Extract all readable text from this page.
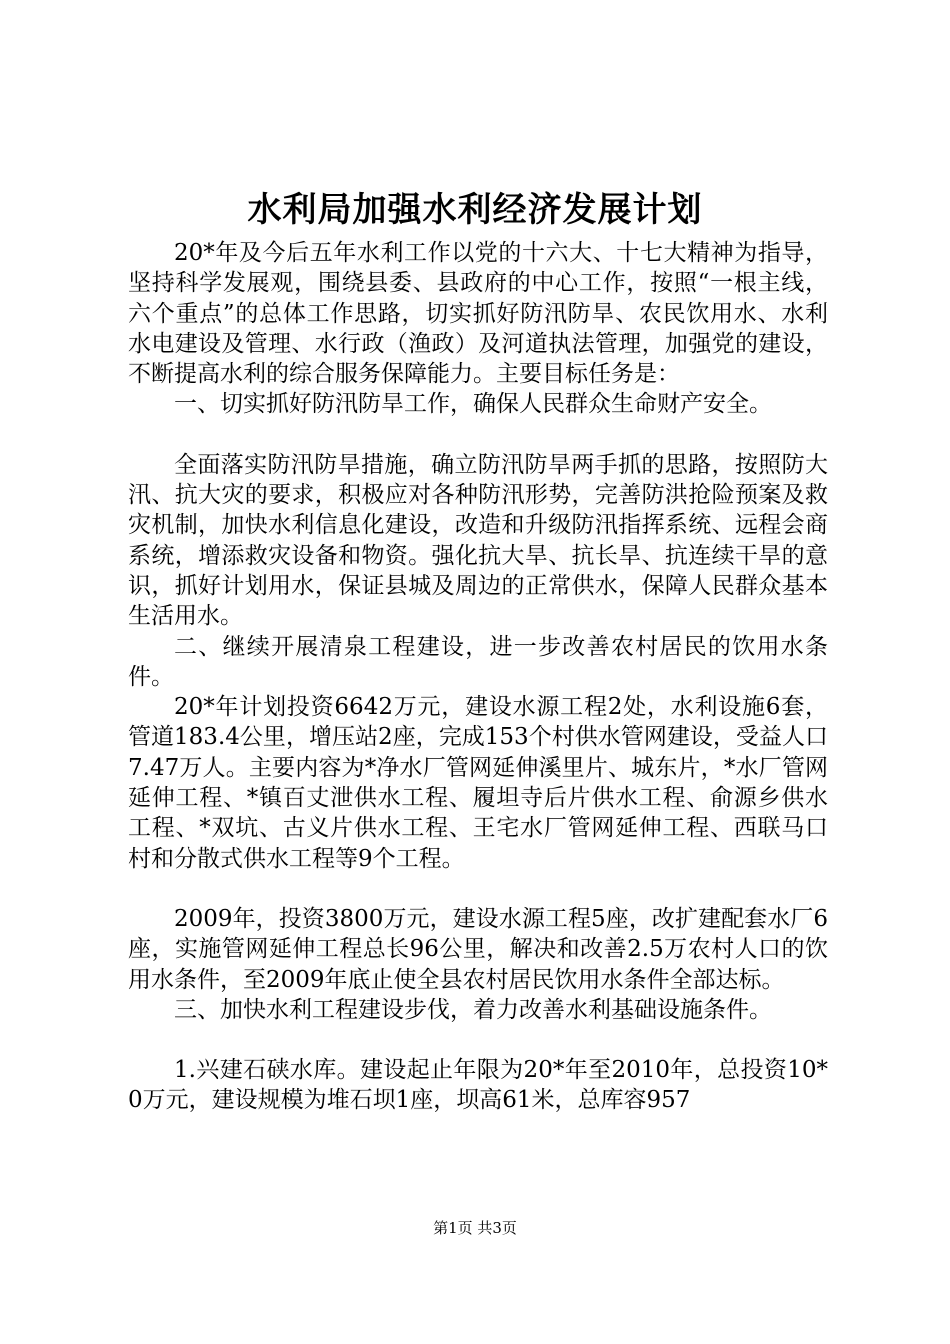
水利局加强水利经济发展计划

20*年及今后五年水利工作以党的十六大、十七大精神为指导，坚持科学发展观，围绕县委、县政府的中心工作，按照“一根主线，六个重点”的总体工作思路，切实抓好防汛防旱、农民饮用水、水利水电建设及管理、水行政（渔政）及河道执法管理，加强党的建设，不断提高水利的综合服务保障能力。主要目标任务是：

一、切实抓好防汛防旱工作，确保人民群众生命财产安全。

全面落实防汛防旱措施，确立防汛防旱两手抓的思路，按照防大汛、抗大灾的要求，积极应对各种防汛形势，完善防洪抢险预案及救灾机制，加快水利信息化建设，改造和升级防汛指挥系统、远程会商系统，增添救灾设备和物资。强化抗大旱、抗长旱、抗连续干旱的意识，抓好计划用水，保证县城及周边的正常供水，保障人民群众基本生活用水。

二、继续开展清泉工程建设，进一步改善农村居民的饮用水条件。

20*年计划投资6642万元，建设水源工程2处，水利设施6套，管道183.4公里，增压站2座，完成153个村供水管网建设，受益人口7.47万人。主要内容为*净水厂管网延伸溪里片、城东片，*水厂管网延伸工程、*镇百丈泄供水工程、履坦寺后片供水工程、俞源乡供水工程、*双坑、古义片供水工程、王宅水厂管网延伸工程、西联马口村和分散式供水工程等9个工程。

2009年，投资3800万元，建设水源工程5座，改扩建配套水厂6座，实施管网延伸工程总长96公里，解决和改善2.5万农村人口的饮用水条件，至2009年底止使全县农村居民饮用水条件全部达标。

三、加快水利工程建设步伐，着力改善水利基础设施条件。

1.兴建石硖水库。建设起止年限为20*年至2010年，总投资10*0万元，建设规模为堆石坝1座，坝高61米，总库容957

第1页 共3页
